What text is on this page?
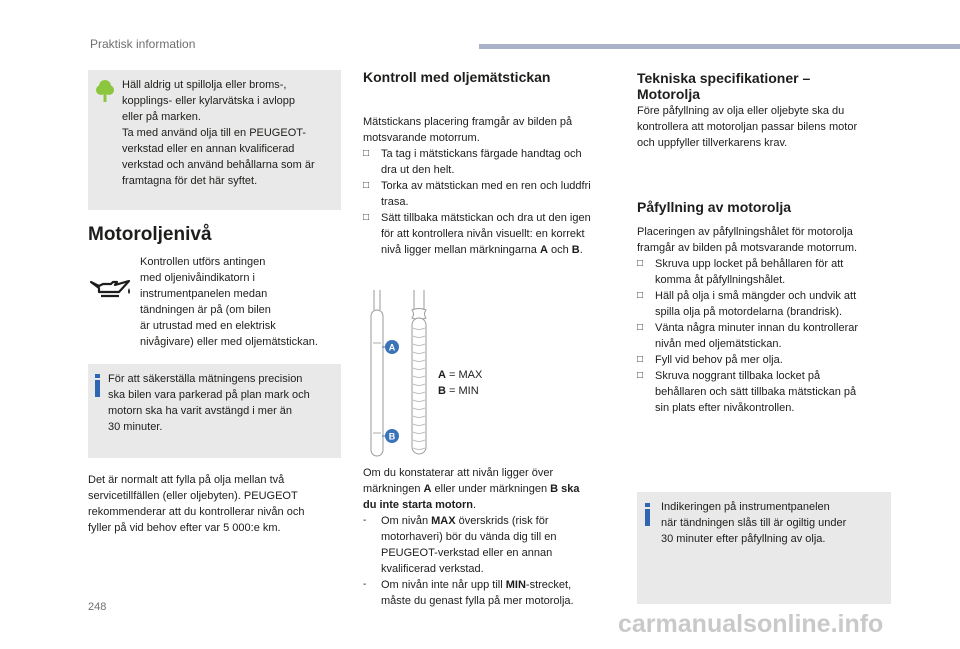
Praktisk information

Häll aldrig ut spillolja eller broms-,

kopplings- eller kylarvätska i avlopp

eller på marken.

Ta med använd olja till en PEUGEOT-

verkstad eller en annan kvalificerad

verkstad och använd behållarna som är

framtagna för det här syftet.

Motoroljenivå
Kontrollen utförs antingen
med oljenivåindikatorn i
instrumentpanelen medan
tändningen är på (om bilen
är utrustad med en elektrisk
nivågivare) eller med oljemätstickan.

För att säkerställa mätningens precision

ska bilen vara parkerad på plan mark och

motorn ska ha varit avstängd i mer än

30 minuter.

Det är normalt att fylla på olja mellan två
servicetillfällen (eller oljebyten). PEUGEOT
rekommenderar att du kontrollerar nivån och
fyller på vid behov efter var 5 000:e km.
Kontroll med oljemätstickan
Mätstickans placering framgår av bilden på
motsvarande motorrum.
□ Ta tag i mätstickans färgade handtag och
dra ut den helt.
□ Torka av mätstickan med en ren och luddfri
trasa.
□ Sätt tillbaka mätstickan och dra ut den igen
för att kontrollera nivån visuellt: en korrekt
nivå ligger mellan märkningarna A och B.
A
B
A = MAX
B = MIN
Om du konstaterar att nivån ligger över
märkningen A eller under märkningen B ska
du inte starta motorn.
- Om nivån MAX överskrids (risk för
motorhaveri) bör du vända dig till en
PEUGEOT-verkstad eller en annan
kvalificerad verkstad.
- Om nivån inte når upp till MIN-strecket,
måste du genast fylla på mer motorolja.
Tekniska specifikationer –
Motorolja
Före påfyllning av olja eller oljebyte ska du
kontrollera att motoroljan passar bilens motor
och uppfyller tillverkarens krav.
Påfyllning av motorolja
Placeringen av påfyllningshålet för motorolja
framgår av bilden på motsvarande motorrum.
□ Skruva upp locket på behållaren för att
komma åt påfyllningshålet.
□ Häll på olja i små mängder och undvik att
spilla olja på motordelarna (brandrisk).
□ Vänta några minuter innan du kontrollerar
nivån med oljemätstickan.
□ Fyll vid behov på mer olja.
□ Skruva noggrant tillbaka locket på
behållaren och sätt tillbaka mätstickan på
sin plats efter nivåkontrollen.

Indikeringen på instrumentpanelen

när tändningen slås till är ogiltig under

30 minuter efter påfyllning av olja.

248
carmanualsonline.info
